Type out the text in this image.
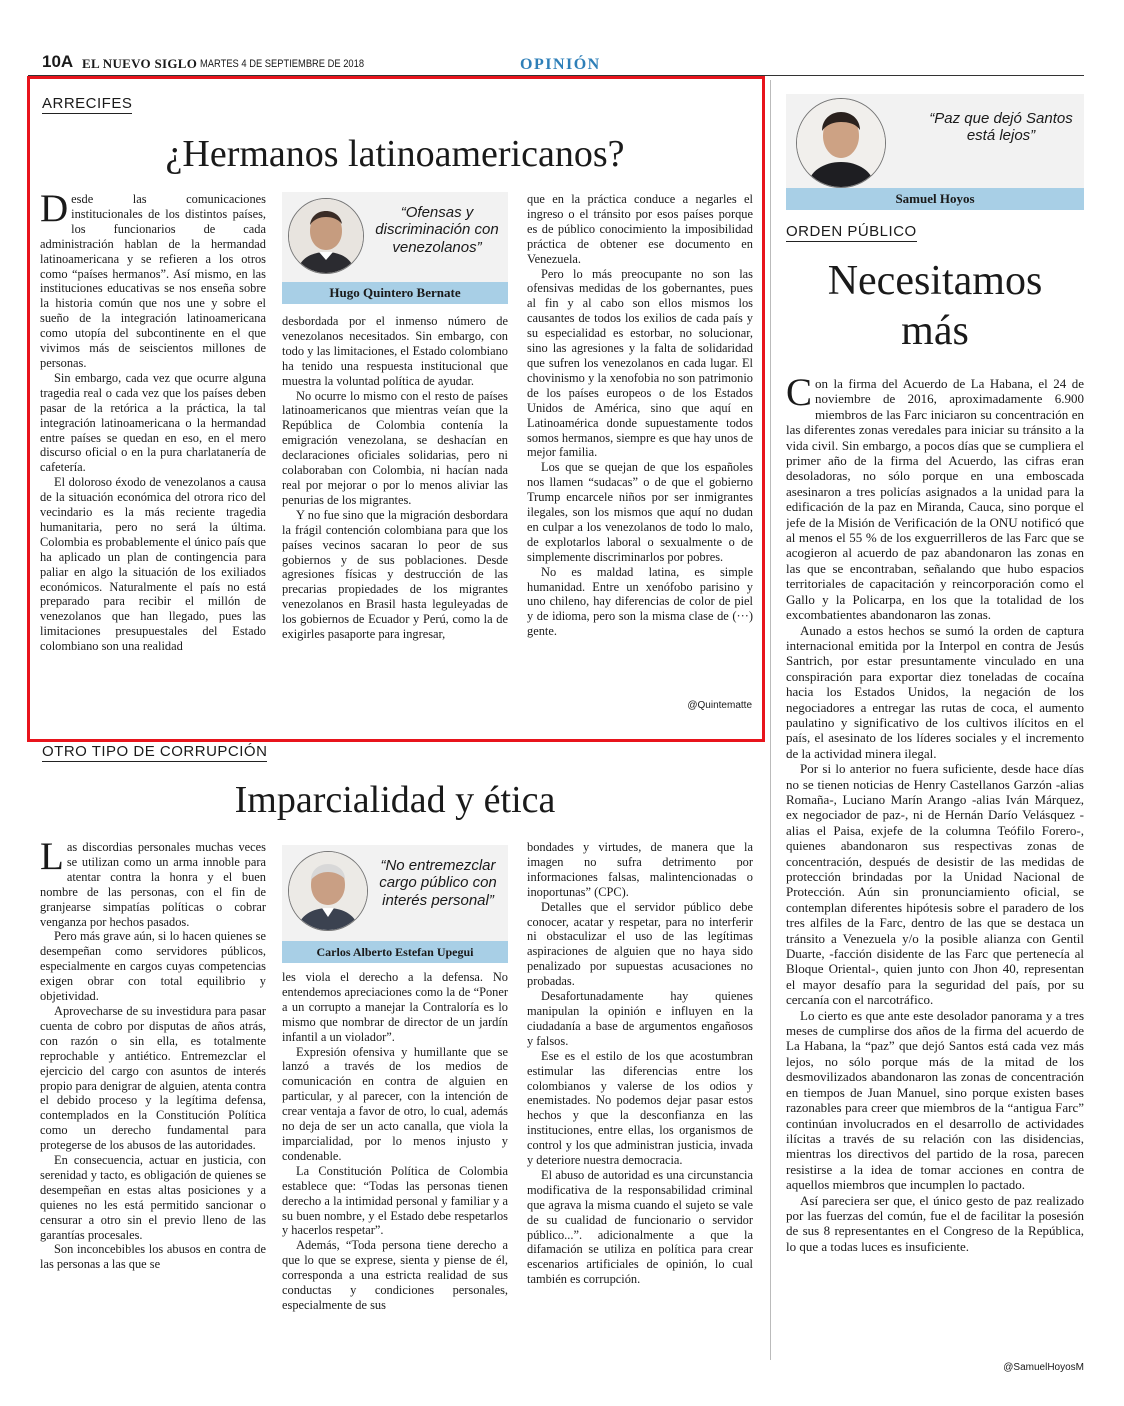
10A EL NUEVO SIGLO MARTES 4 DE SEPTIEMBRE DE 2018	OPINIÓN
ARRECIFES
¿Hermanos latinoamericanos?

Desde las comunicaciones institucionales de los distintos países, los funcionarios de cada administración hablan de la hermandad latinoamericana y se refieren a los otros como “países hermanos”. Así mismo, en las instituciones educativas se nos enseña sobre la historia común que nos une y sobre el sueño de la integración latinoamericana como utopía del subcontinente en el que vivimos más de seiscientos millones de personas.

Sin embargo, cada vez que ocurre alguna tragedia real o cada vez que los países deben pasar de la retórica a la práctica, la tal integración latinoamericana o la hermandad entre países se quedan en eso, en el mero discurso oficial o en la pura charlatanería de cafetería.

El doloroso éxodo de venezolanos a causa de la situación económica del otrora rico del vecindario es la más reciente tragedia humanitaria, pero no será la última. Colombia es probablemente el único país que ha aplicado un plan de contingencia para paliar en algo la situación de los exiliados económicos. Naturalmente el país no está preparado para recibir el millón de venezolanos que han llegado, pues las limitaciones presupuestales del Estado colombiano son una realidad

“Ofensas y discriminación con venezolanos”
Hugo Quintero Bernate

desbordada por el inmenso número de venezolanos necesitados. Sin embargo, con todo y las limitaciones, el Estado colombiano ha tenido una respuesta institucional que muestra la voluntad política de ayudar.

No ocurre lo mismo con el resto de países latinoamericanos que mientras veían que la República de Colombia contenía la emigración venezolana, se deshacían en declaraciones oficiales solidarias, pero ni colaboraban con Colombia, ni hacían nada real por mejorar o por lo menos aliviar las penurias de los migrantes.

Y no fue sino que la migración desbordara la frágil contención colombiana para que los países vecinos sacaran lo peor de sus gobiernos y de sus poblaciones. Desde agresiones físicas y destrucción de las precarias propiedades de los migrantes venezolanos en Brasil hasta leguleyadas de los gobiernos de Ecuador y Perú, como la de exigirles pasaporte para ingresar,

que en la práctica conduce a negarles el ingreso o el tránsito por esos países porque es de público conocimiento la imposibilidad práctica de obtener ese documento en Venezuela.

Pero lo más preocupante no son las ofensivas medidas de los gobernantes, pues al fin y al cabo son ellos mismos los causantes de todos los exilios de cada país y su especialidad es estorbar, no solucionar, sino las agresiones y la falta de solidaridad que sufren los venezolanos en cada lugar. El chovinismo y la xenofobia no son patrimonio de los países europeos o de los Estados Unidos de América, sino que aquí en Latinoamérica donde supuestamente todos somos hermanos, siempre es que hay unos de mejor familia.

Los que se quejan de que los españoles nos llamen “sudacas” o de que el gobierno Trump encarcele niños por ser inmigrantes ilegales, son los mismos que aquí no dudan en culpar a los venezolanos de todo lo malo, de explotarlos laboral o sexualmente o de simplemente discriminarlos por pobres.

No es maldad latina, es simple humanidad. Entre un xenófobo parisino y uno chileno, hay diferencias de color de piel y de idioma, pero son la misma clase de (···) gente.

@Quintematte
OTRO TIPO DE CORRUPCIÓN
Imparcialidad y ética

Las discordias personales muchas veces se utilizan como un arma innoble para atentar contra la honra y el buen nombre de las personas, con el fin de granjearse simpatías políticas o cobrar venganza por hechos pasados.

Pero más grave aún, si lo hacen quienes se desempeñan como servidores públicos, especialmente en cargos cuyas competencias exigen obrar con total equilibrio y objetividad.

Aprovecharse de su investidura para pasar cuenta de cobro por disputas de años atrás, con razón o sin ella, es totalmente reprochable y antiético. Entremezclar el ejercicio del cargo con asuntos de interés propio para denigrar de alguien, atenta contra el debido proceso y la legítima defensa, contemplados en la Constitución Política como un derecho fundamental para protegerse de los abusos de las autoridades.

En consecuencia, actuar en justicia, con serenidad y tacto, es obligación de quienes se desempeñan en estas altas posiciones y a quienes no les está permitido sancionar o censurar a otro sin el previo lleno de las garantías procesales.

Son inconcebibles los abusos en contra de las personas a las que se

“No entremezclar cargo público con interés personal”
Carlos Alberto Estefan Upegui

les viola el derecho a la defensa. No entendemos apreciaciones como la de “Poner a un corrupto a manejar la Contraloría es lo mismo que nombrar de director de un jardín infantil a un violador”.

Expresión ofensiva y humillante que se lanzó a través de los medios de comunicación en contra de alguien en particular, y al parecer, con la intención de crear ventaja a favor de otro, lo cual, además no deja de ser un acto canalla, que viola la imparcialidad, por lo menos injusto y condenable.

La Constitución Política de Colombia establece que: “Todas las personas tienen derecho a la intimidad personal y familiar y a su buen nombre, y el Estado debe respetarlos y hacerlos respetar”.

Además, “Toda persona tiene derecho a que lo que se exprese, sienta y piense de él, corresponda a una estricta realidad de sus conductas y condiciones personales, especialmente de sus

bondades y virtudes, de manera que la imagen no sufra detrimento por informaciones falsas, malintencionadas o inoportunas” (CPC).

Detalles que el servidor público debe conocer, acatar y respetar, para no interferir ni obstaculizar el uso de las legítimas aspiraciones de alguien que no haya sido penalizado por supuestas acusaciones no probadas.

Desafortunadamente hay quienes manipulan la opinión e influyen en la ciudadanía a base de argumentos engañosos y falsos.

Ese es el estilo de los que acostumbran estimular las diferencias entre los colombianos y valerse de los odios y enemistades. No podemos dejar pasar estos hechos y que la desconfianza en las instituciones, entre ellas, los organismos de control y los que administran justicia, invada y deteriore nuestra democracia.

El abuso de autoridad es una circunstancia modificativa de la responsabilidad criminal que agrava la misma cuando el sujeto se vale de su cualidad de funcionario o servidor público...”. adicionalmente a que la difamación se utiliza en política para crear escenarios artificiales de opinión, lo cual también es corrupción.

“Paz que dejó Santos está lejos”
Samuel Hoyos
ORDEN PÚBLICO
Necesitamos
más

Con la firma del Acuerdo de La Habana, el 24 de noviembre de 2016, aproximadamente 6.900 miembros de las Farc iniciaron su concentración en las diferentes zonas veredales para iniciar su tránsito a la vida civil. Sin embargo, a pocos días que se cumpliera el primer año de la firma del Acuerdo, las cifras eran desoladoras, no sólo porque en una emboscada asesinaron a tres policías asignados a la unidad para la edificación de la paz en Miranda, Cauca, sino porque el jefe de la Misión de Verificación de la ONU notificó que al menos el 55 % de los exguerrilleros de las Farc que se acogieron al acuerdo de paz abandonaron las zonas en las que se encontraban, señalando que hubo espacios territoriales de capacitación y reincorporación como el Gallo y la Policarpa, en los que la totalidad de los excombatientes abandonaron las zonas.

Aunado a estos hechos se sumó la orden de captura internacional emitida por la Interpol en contra de Jesús Santrich, por estar presuntamente vinculado en una conspiración para exportar diez toneladas de cocaína hacia los Estados Unidos, la negación de los negociadores a entregar las rutas de coca, el aumento paulatino y significativo de los cultivos ilícitos en el país, el asesinato de los líderes sociales y el incremento de la actividad minera ilegal.

Por si lo anterior no fuera suficiente, desde hace días no se tienen noticias de Henry Castellanos Garzón -alias Romaña-, Luciano Marín Arango -alias Iván Márquez, ex negociador de paz-, ni de Hernán Darío Velásquez -alias el Paisa, exjefe de la columna Teófilo Forero-, quienes abandonaron sus respectivas zonas de concentración, después de desistir de las medidas de protección brindadas por la Unidad Nacional de Protección. Aún sin pronunciamiento oficial, se contemplan diferentes hipótesis sobre el paradero de los tres alfiles de la Farc, dentro de las que se destaca un tránsito a Venezuela y/o la posible alianza con Gentil Duarte, -facción disidente de las Farc que pertenecía al Bloque Oriental-, quien junto con Jhon 40, representan el mayor desafío para la seguridad del país, por su cercanía con el narcotráfico.

Lo cierto es que ante este desolador panorama y a tres meses de cumplirse dos años de la firma del acuerdo de La Habana, la “paz” que dejó Santos está cada vez más lejos, no sólo porque más de la mitad de los desmovilizados abandonaron las zonas de concentración en tiempos de Juan Manuel, sino porque existen bases razonables para creer que miembros de la “antigua Farc” continúan involucrados en el desarrollo de actividades ilícitas a través de su relación con las disidencias, mientras los directivos del partido de la rosa, parecen resistirse a la idea de tomar acciones en contra de aquellos miembros que incumplen lo pactado.

Así pareciera ser que, el único gesto de paz realizado por las fuerzas del común, fue el de facilitar la posesión de sus 8 representantes en el Congreso de la República, lo que a todas luces es insuficiente.

@SamuelHoyosM
